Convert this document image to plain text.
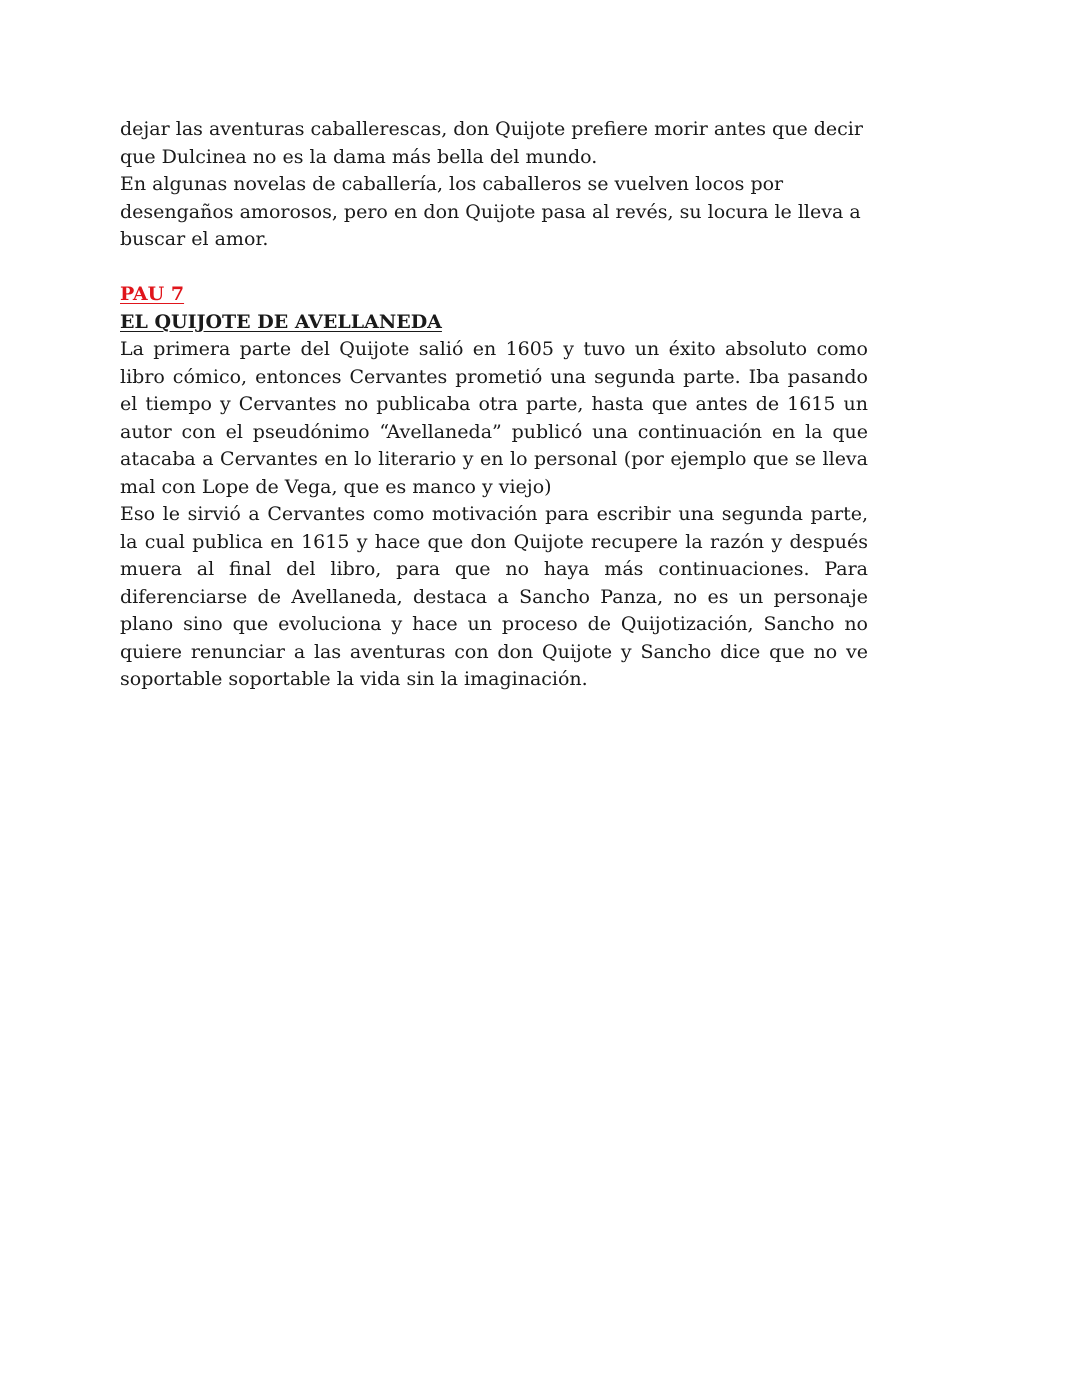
dejar las aventuras caballerescas, don Quijote prefiere morir antes que decir que Dulcinea no es la dama más bella del mundo.

En algunas novelas de caballería, los caballeros se vuelven locos por desengaños amorosos, pero en don Quijote pasa al revés, su locura le lleva a buscar el amor.

PAU 7

EL QUIJOTE DE AVELLANEDA

La primera parte del Quijote salió en 1605 y tuvo un éxito absoluto como libro cómico, entonces Cervantes prometió una segunda parte. Iba pasando el tiempo y Cervantes no publicaba otra parte, hasta que antes de 1615 un autor con el pseudónimo “Avellaneda” publicó una continuación en la que atacaba a Cervantes en lo literario y en lo personal (por ejemplo que se lleva mal con Lope de Vega, que es manco y viejo)

Eso le sirvió a Cervantes como motivación para escribir una segunda parte, la cual publica en 1615 y hace que don Quijote recupere la razón y después muera al final del libro, para que no haya más continuaciones. Para diferenciarse de Avellaneda, destaca a Sancho Panza, no es un personaje plano sino que evoluciona y hace un proceso de Quijotización, Sancho no quiere renunciar a las aventuras con don Quijote y Sancho dice que no ve soportable soportable la vida sin la imaginación.
